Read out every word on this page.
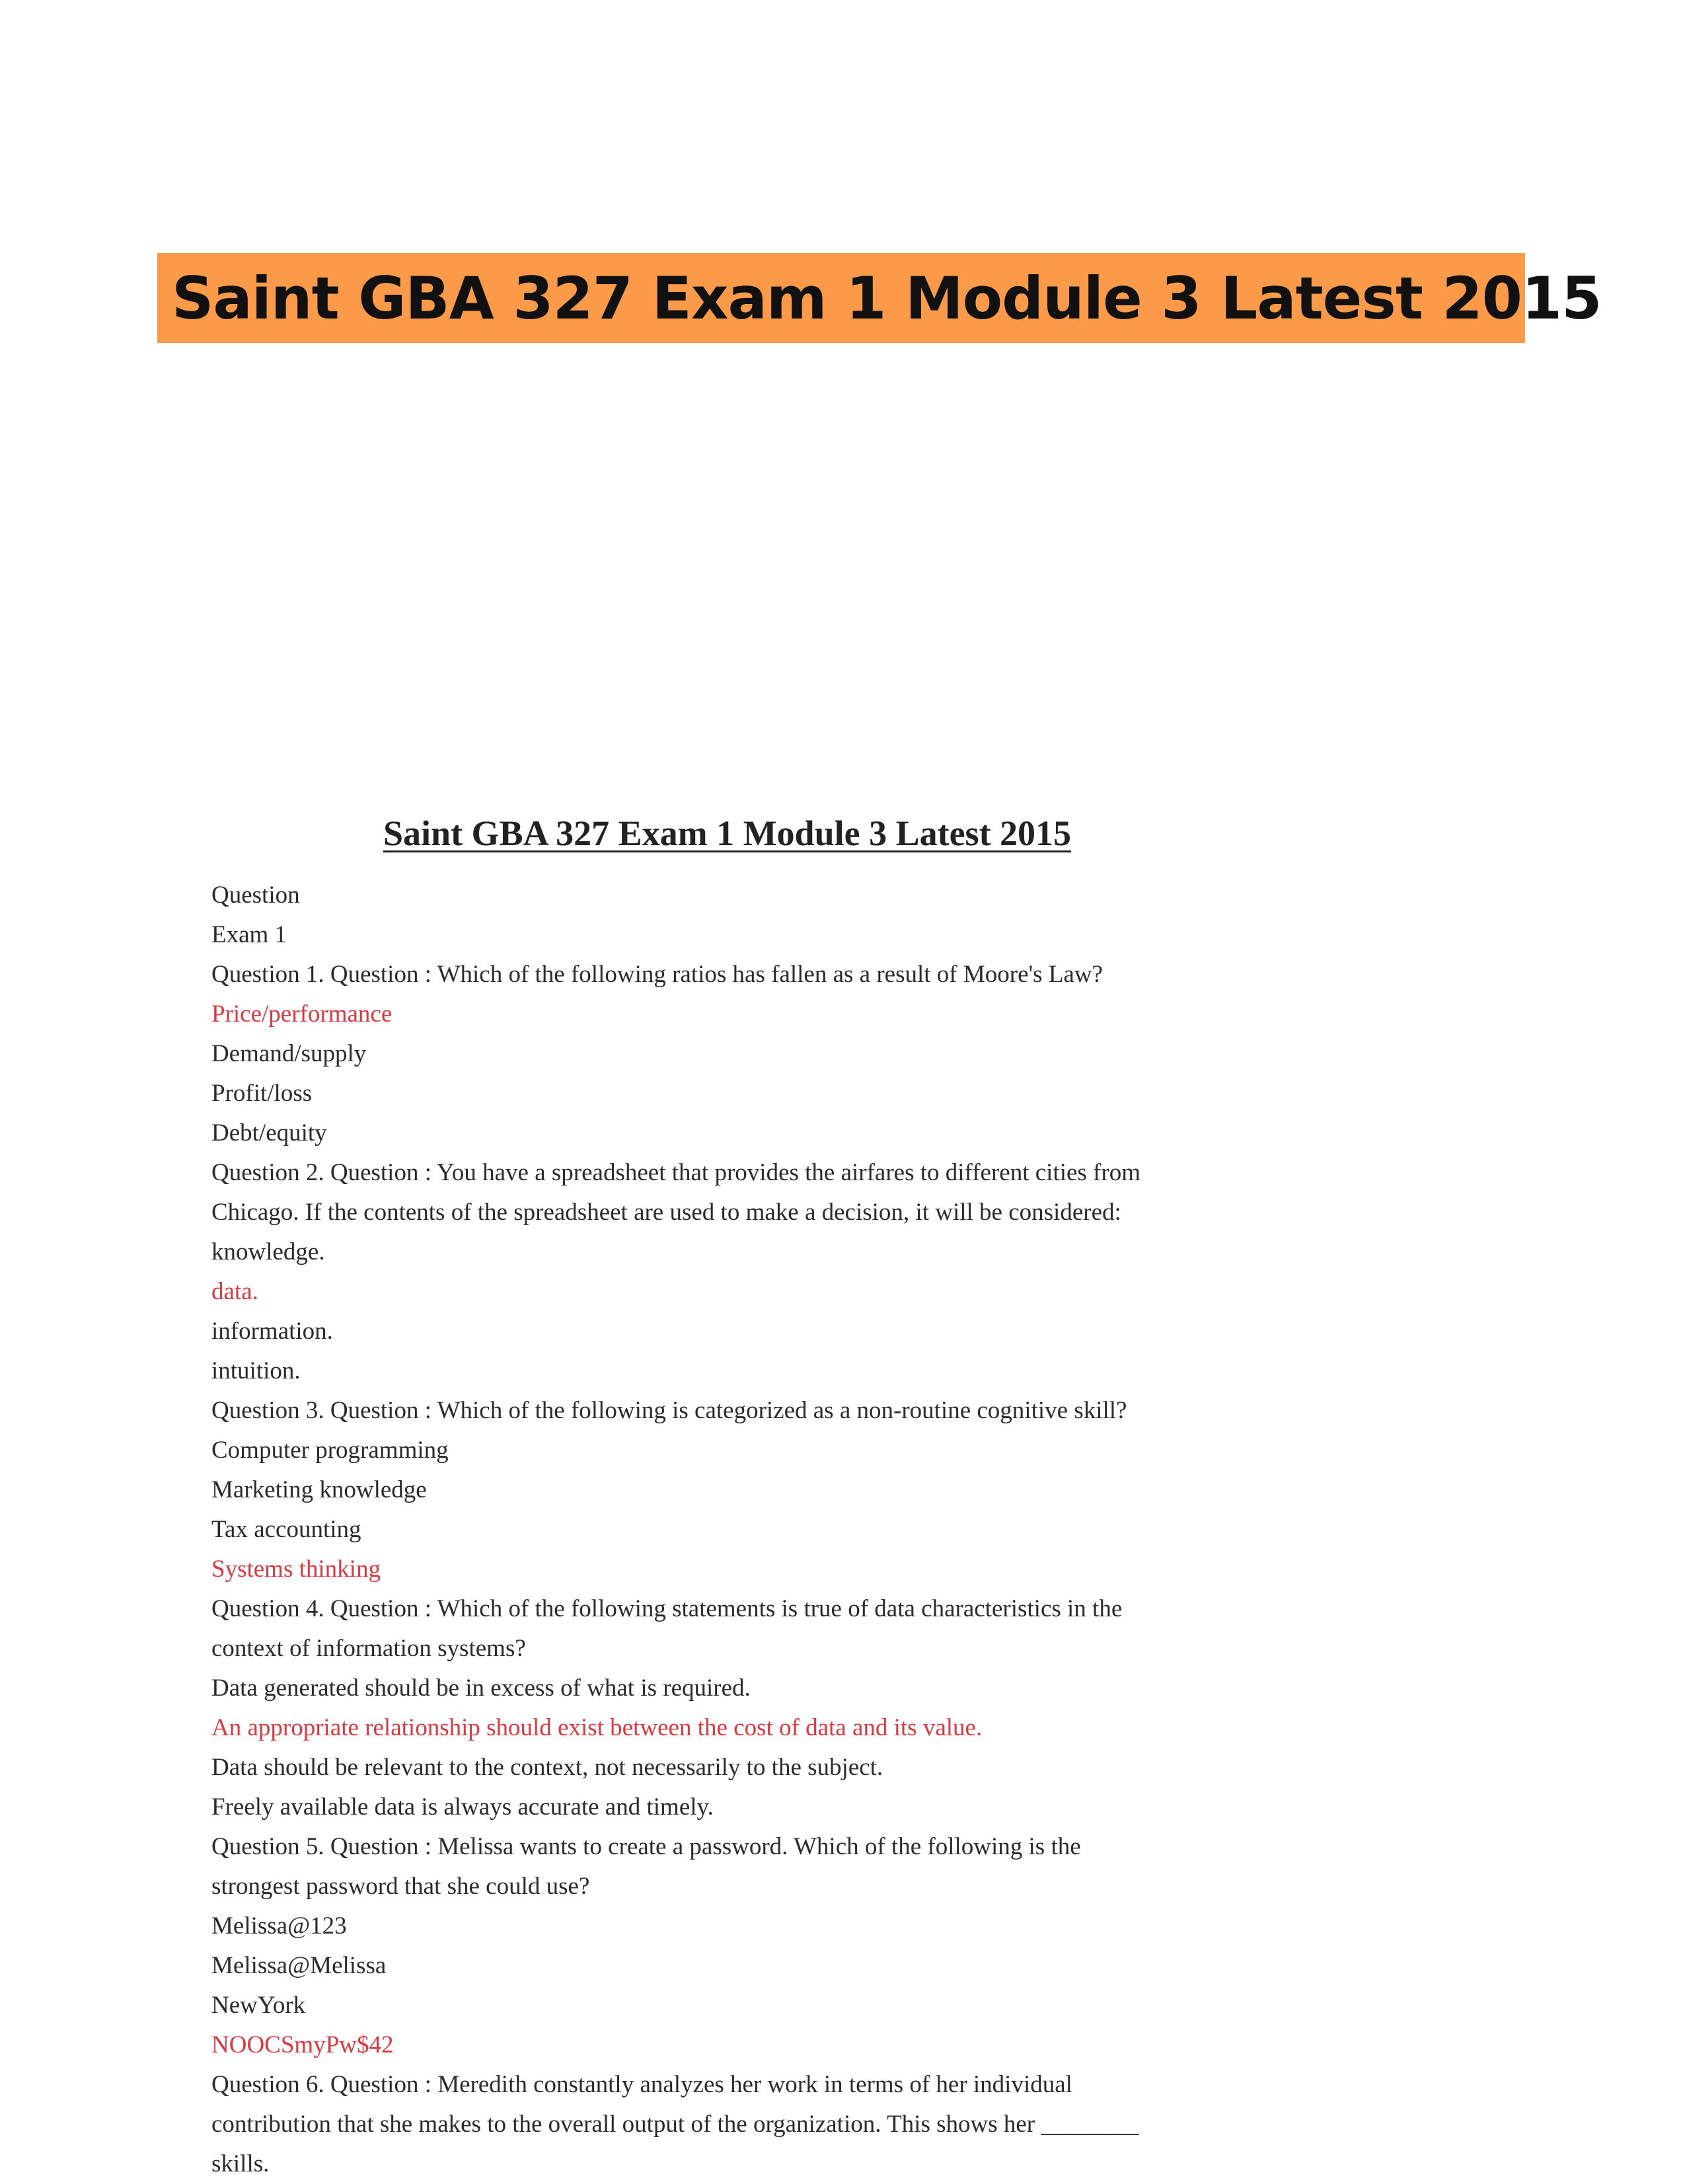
Saint GBA 327 Exam 1 Module 3 Latest 2015
Saint GBA 327 Exam 1 Module 3 Latest 2015
Question
Exam 1
Question 1. Question : Which of the following ratios has fallen as a result of Moore's Law?
Price/performance
Demand/supply
Profit/loss
Debt/equity
Question 2. Question : You have a spreadsheet that provides the airfares to different cities from
Chicago. If the contents of the spreadsheet are used to make a decision, it will be considered:
knowledge.
data.
information.
intuition.
Question 3. Question : Which of the following is categorized as a non-routine cognitive skill?
Computer programming
Marketing knowledge
Tax accounting
Systems thinking
Question 4. Question : Which of the following statements is true of data characteristics in the
context of information systems?
Data generated should be in excess of what is required.
An appropriate relationship should exist between the cost of data and its value.
Data should be relevant to the context, not necessarily to the subject.
Freely available data is always accurate and timely.
Question 5. Question : Melissa wants to create a password. Which of the following is the
strongest password that she could use?
Melissa@123
Melissa@Melissa
NewYork
NOOCSmyPw$42
Question 6. Question : Meredith constantly analyzes her work in terms of her individual
contribution that she makes to the overall output of the organization. This shows her ________
skills.
